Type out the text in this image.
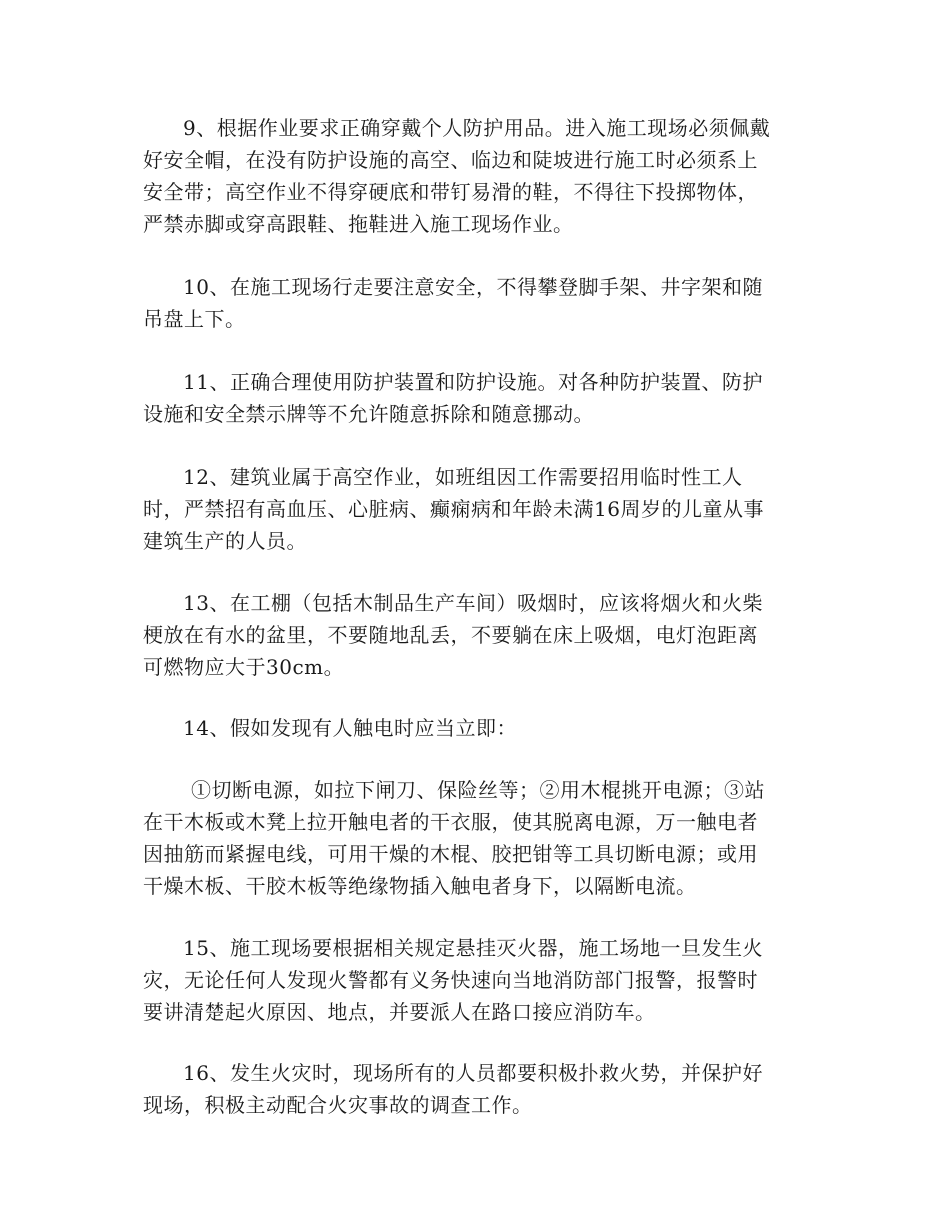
9、根据作业要求正确穿戴个人防护用品。进入施工现场必须佩戴
好安全帽，在没有防护设施的高空、临边和陡坡进行施工时必须系上
安全带；高空作业不得穿硬底和带钉易滑的鞋，不得往下投掷物体，
严禁赤脚或穿高跟鞋、拖鞋进入施工现场作业。
10、在施工现场行走要注意安全，不得攀登脚手架、井字架和随
吊盘上下。
11、正确合理使用防护装置和防护设施。对各种防护装置、防护
设施和安全禁示牌等不允许随意拆除和随意挪动。
12、建筑业属于高空作业，如班组因工作需要招用临时性工人
时，严禁招有高血压、心脏病、癫痫病和年龄未满16周岁的儿童从事
建筑生产的人员。
13、在工棚（包括木制品生产车间）吸烟时，应该将烟火和火柴
梗放在有水的盆里，不要随地乱丢，不要躺在床上吸烟，电灯泡距离
可燃物应大于30cm。
14、假如发现有人触电时应当立即：
①切断电源，如拉下闸刀、保险丝等；②用木棍挑开电源；③站
在干木板或木凳上拉开触电者的干衣服，使其脱离电源，万一触电者
因抽筋而紧握电线，可用干燥的木棍、胶把钳等工具切断电源；或用
干燥木板、干胶木板等绝缘物插入触电者身下，以隔断电流。
15、施工现场要根据相关规定悬挂灭火器，施工场地一旦发生火
灾，无论任何人发现火警都有义务快速向当地消防部门报警，报警时
要讲清楚起火原因、地点，并要派人在路口接应消防车。
16、发生火灾时，现场所有的人员都要积极扑救火势，并保护好
现场，积极主动配合火灾事故的调查工作。
